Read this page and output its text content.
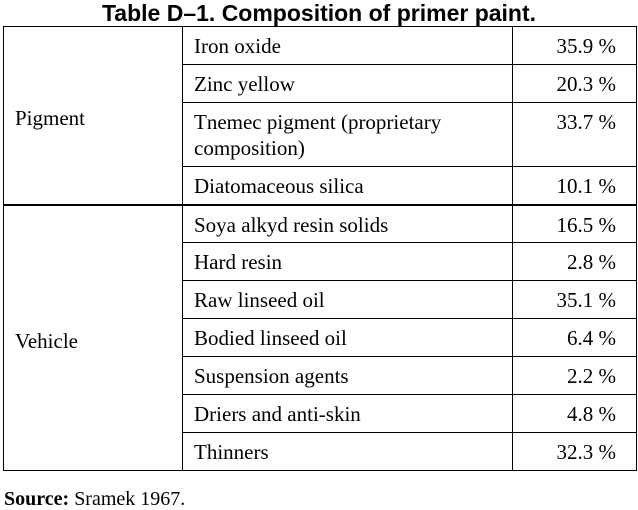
Table D–1. Composition of primer paint.
Pigment	Iron oxide	35.9 %
	Zinc yellow	20.3 %
	Tnemec pigment (proprietary composition)	33.7 %
	Diatomaceous silica	10.1 %
Vehicle	Soya alkyd resin solids	16.5 %
	Hard resin	2.8 %
	Raw linseed oil	35.1 %
	Bodied linseed oil	6.4 %
	Suspension agents	2.2 %
	Driers and anti-skin	4.8 %
	Thinners	32.3 %
Source: Sramek 1967.
